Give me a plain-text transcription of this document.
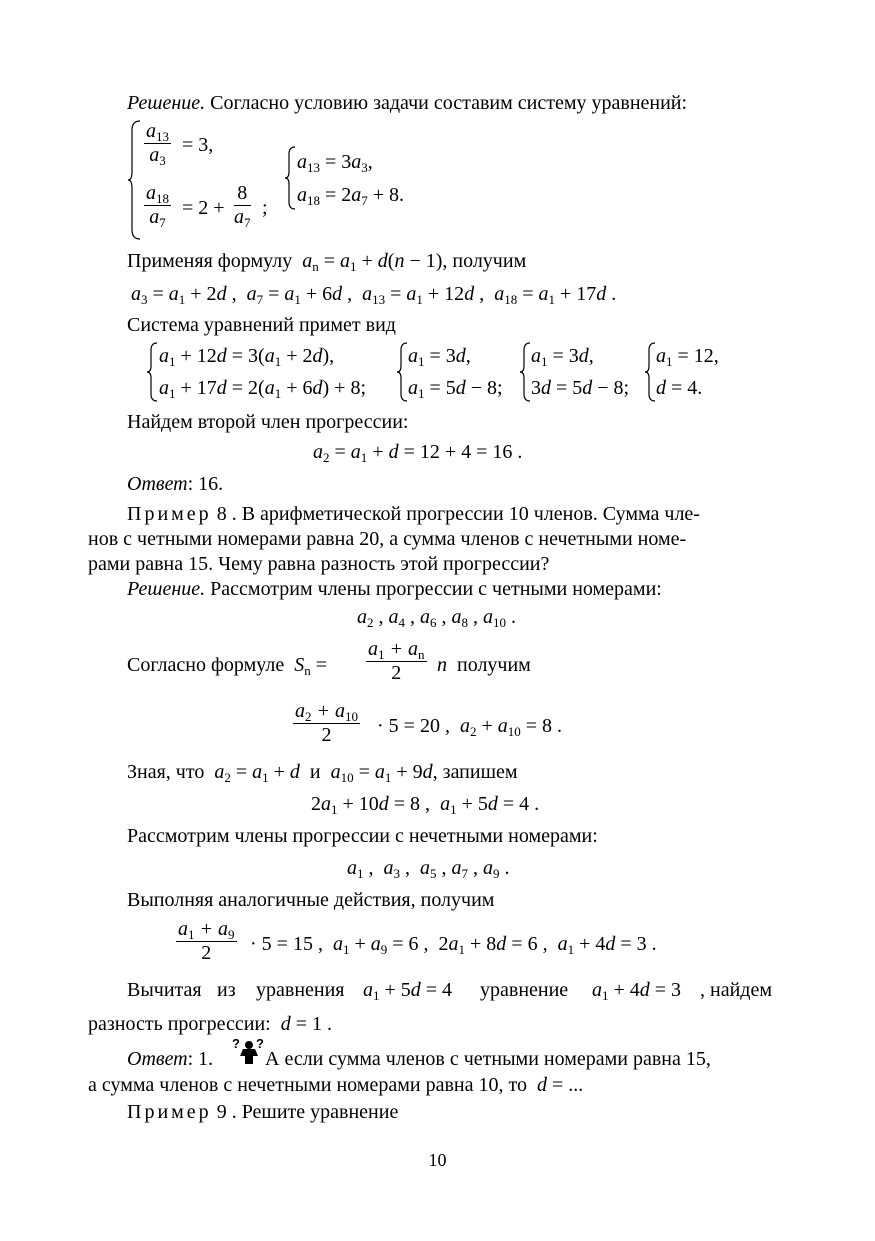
Решение. Согласно условию задачи составим систему уравнений:
$\frac{a_{13}}{a_3} = 3$,
$\frac{a_{18}}{a_7} = 2 + \frac{8}{a_7}$ ;
$a_{13} = 3a_3$,
$a_{18} = 2a_7 + 8$.
Применяя формулу $a_n = a_1 + d(n - 1)$, получим
$a_3 = a_1 + 2d$ ,  $a_7 = a_1 + 6d$ ,  $a_{13} = a_1 + 12d$ ,  $a_{18} = a_1 + 17d$ .
Система уравнений примет вид
$a_1 + 12d = 3(a_1 + 2d)$,
$a_1 + 17d = 2(a_1 + 6d) + 8$;
$a_1 = 3d$,
$a_1 = 5d - 8$;
$a_1 = 3d$,
3d = 5d − 8;
$a_1 = 12$,
d = 4.
Найдем второй член прогрессии:
$a_2 = a_1 + d = 12 + 4 = 16$ .
Ответ: 16.
Пример 8 . В арифметической прогрессии 10 членов. Сумма чле-
нов с четными номерами равна 20, а сумма членов с нечетными номе-
рами равна 15. Чему равна разность этой прогрессии?
Решение. Рассмотрим члены прогрессии с четными номерами:
$a_2$ , $a_4$ , $a_6$ , $a_8$ , $a_{10}$ .
Согласно формуле $S_n = \frac{a_1 + a_n}{2}$ n получим
$\frac{a_2 + a_{10}}{2} \cdot 5 = 20$ ,  $a_2 + a_{10} = 8$ .
Зная, что $a_2 = a_1 + d$ и $a_{10} = a_1 + 9d$, запишем
$2a_1 + 10d = 8$ ,  $a_1 + 5d = 4$ .
Рассмотрим члены прогрессии с нечетными номерами:
$a_1$ ,  $a_3$ ,  $a_5$ , $a_7$ , $a_9$ .
Выполняя аналогичные действия, получим
$\frac{a_1 + a_9}{2} \cdot 5 = 15$ ,  $a_1 + a_9 = 6$ ,  $2a_1 + 8d = 6$ ,  $a_1 + 4d = 3$ .
Вычитая из уравнения $a_1 + 5d = 4$ уравнение $a_1 + 4d = 3$ , найдем
разность прогрессии: d = 1 .
Ответ: 1.
? ?
А если сумма членов с четными номерами равна 15,
а сумма членов с нечетными номерами равна 10, то d = ...
Пример 9 . Решите уравнение
10
